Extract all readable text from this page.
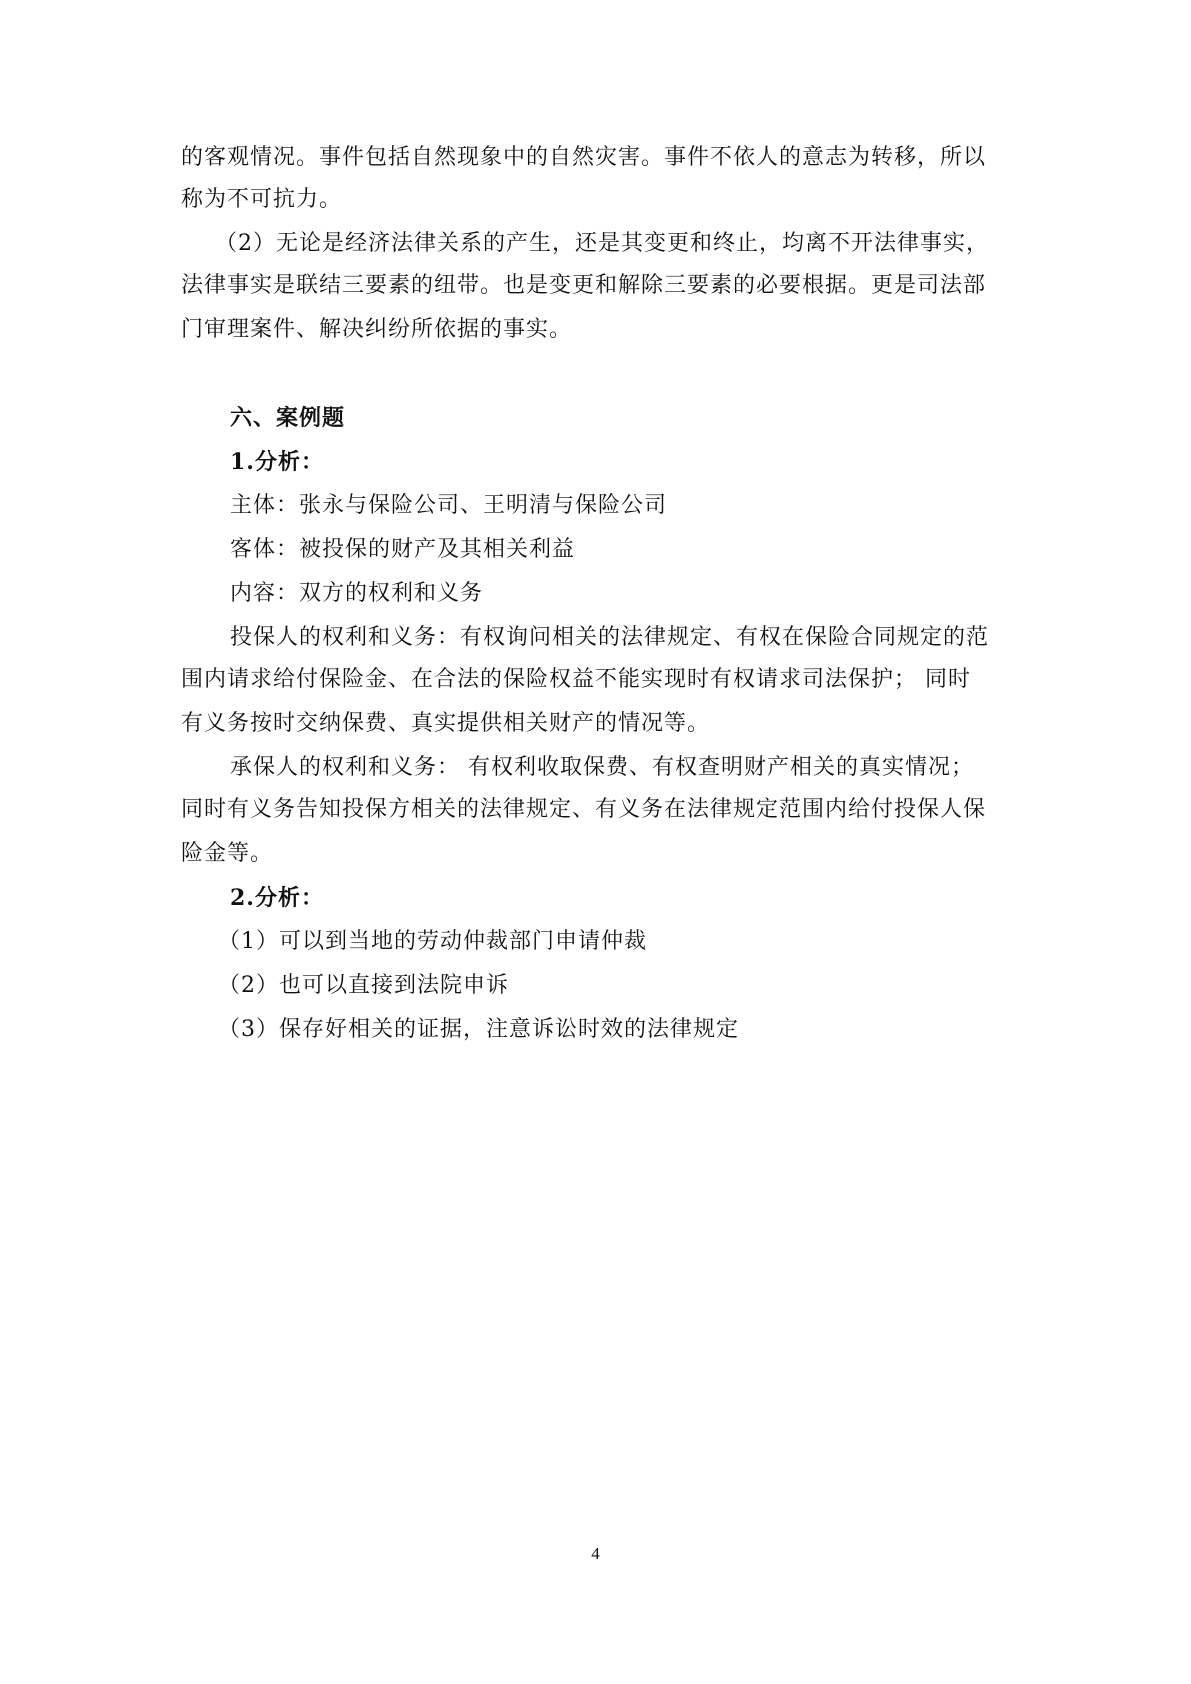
的客观情况。事件包括自然现象中的自然灾害。事件不依人的意志为转移，所以
称为不可抗力。
（2）无论是经济法律关系的产生，还是其变更和终止，均离不开法律事实，
法律事实是联结三要素的纽带。也是变更和解除三要素的必要根据。更是司法部
门审理案件、解决纠纷所依据的事实。
六、案例题
1.分析：
主体：张永与保险公司、王明清与保险公司
客体：被投保的财产及其相关利益
内容：双方的权利和义务
投保人的权利和义务：有权询问相关的法律规定、有权在保险合同规定的范
围内请求给付保险金、在合法的保险权益不能实现时有权请求司法保护； 同时
有义务按时交纳保费、真实提供相关财产的情况等。
承保人的权利和义务： 有权利收取保费、有权查明财产相关的真实情况；
同时有义务告知投保方相关的法律规定、有义务在法律规定范围内给付投保人保
险金等。
2.分析：
（1）可以到当地的劳动仲裁部门申请仲裁
（2）也可以直接到法院申诉
（3）保存好相关的证据，注意诉讼时效的法律规定
4
